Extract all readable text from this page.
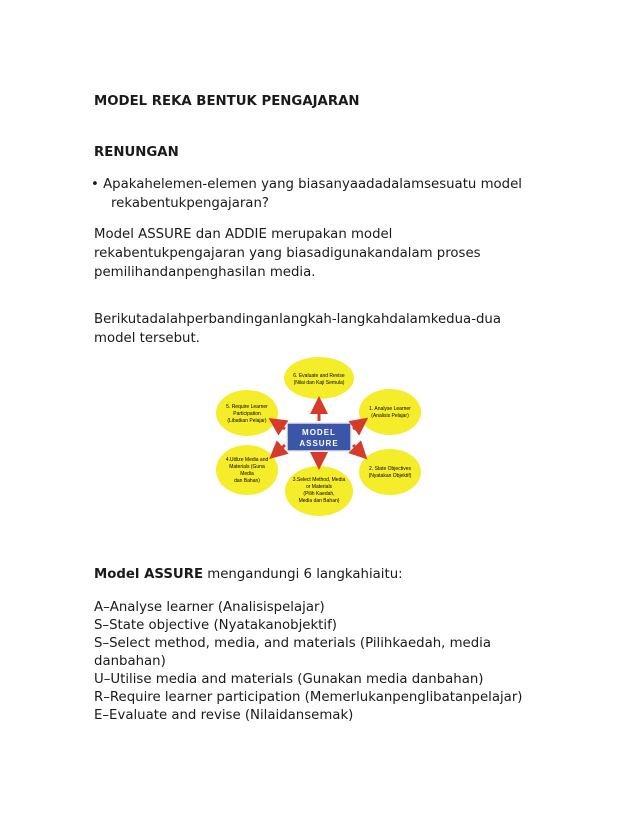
MODEL REKA BENTUK PENGAJARAN

RENUNGAN

• Apakahelemen-elemen yang biasanyaadadalamsesuatu model

rekabentukpengajaran?

Model ASSURE dan ADDIE merupakan model

rekabentukpengajaran yang biasadigunakandalam proses

pemilihandanpenghasilan media.

Berikutadalahperbandinganlangkah-langkahdalamkedua-dua

model tersebut.

6. Evaluate and Revise
(Nilai dan Kaji Semula)
1. Analyse Learner
(Analisis Pelajar)
2. State Objectives
(Nyatakan Objektif)
3.Select Method, Media
or Materials
(Pilih Kaedah,
Media dan Bahan)
4.Utilize Media and
Materials (Guna
Media
dan Bahan)
5. Require Learner
Participation
(Libatkan Pelajar)
MODEL
ASSURE

Model ASSURE mengandungi 6 langkahiaitu:

A–Analyse learner (Analisispelajar)

S–State objective (Nyatakanobjektif)

S–Select method, media, and materials (Pilihkaedah, media

danbahan)

U–Utilise media and materials (Gunakan media danbahan)

R–Require learner participation (Memerlukanpenglibatanpelajar)

E–Evaluate and revise (Nilaidansemak)
